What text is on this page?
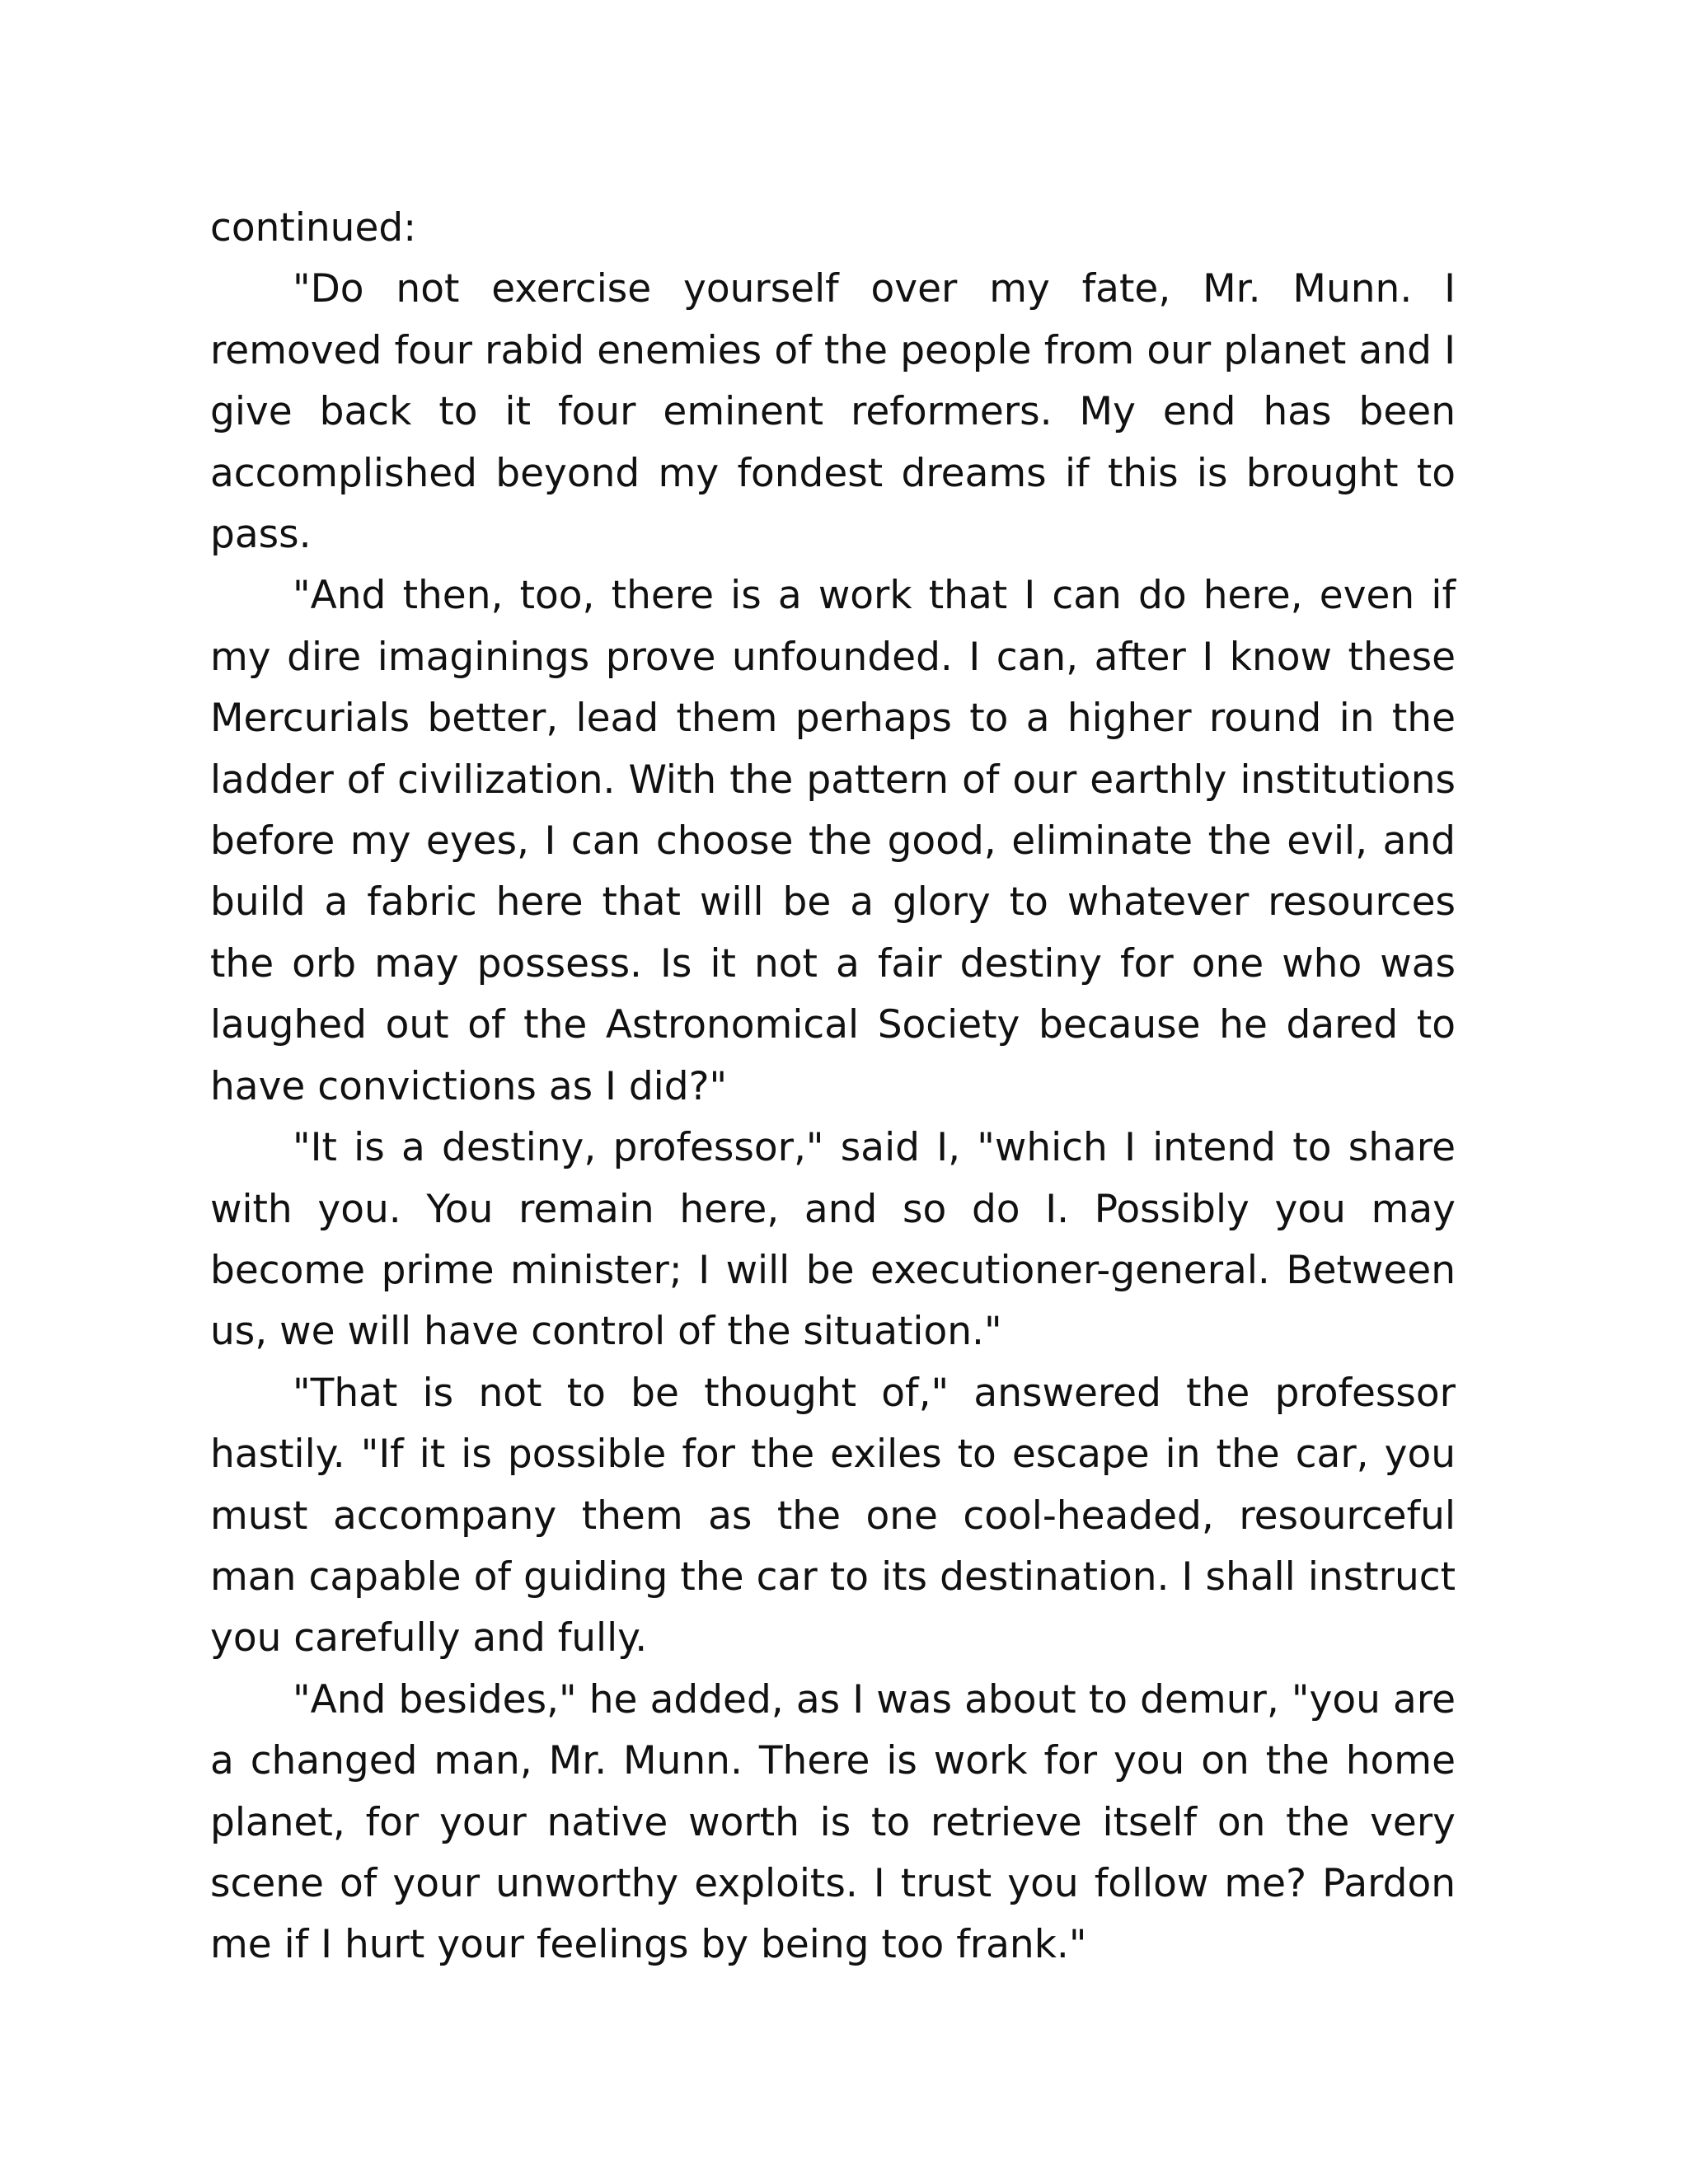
continued:

"Do not exercise yourself over my fate, Mr. Munn. I removed four rabid enemies of the people from our planet and I give back to it four eminent reformers. My end has been accomplished beyond my fondest dreams if this is brought to pass.

"And then, too, there is a work that I can do here, even if my dire imaginings prove unfounded. I can, after I know these Mercurials better, lead them perhaps to a higher round in the ladder of civilization. With the pattern of our earthly institutions before my eyes, I can choose the good, eliminate the evil, and build a fabric here that will be a glory to whatever resources the orb may possess. Is it not a fair destiny for one who was laughed out of the Astronomical Society because he dared to have convictions as I did?"

"It is a destiny, professor," said I, "which I intend to share with you. You remain here, and so do I. Possibly you may become prime minister; I will be executioner-general. Between us, we will have control of the situation."

"That is not to be thought of," answered the professor hastily. "If it is possible for the exiles to escape in the car, you must accompany them as the one cool-headed, resourceful man capable of guiding the car to its destination. I shall instruct you carefully and fully.

"And besides," he added, as I was about to demur, "you are a changed man, Mr. Munn. There is work for you on the home planet, for your native worth is to retrieve itself on the very scene of your unworthy exploits. I trust you follow me? Pardon me if I hurt your feelings by being too frank."
